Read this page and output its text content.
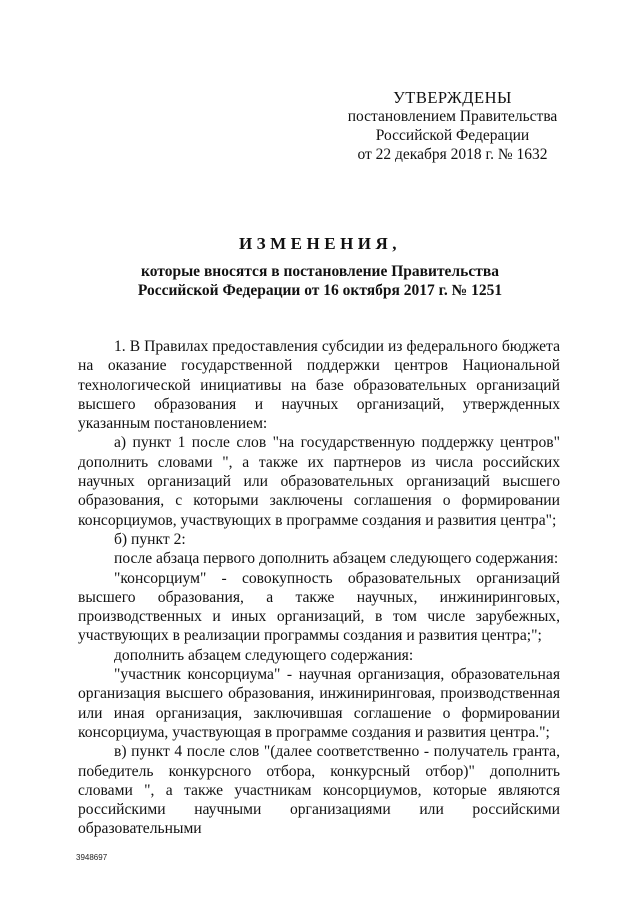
УТВЕРЖДЕНЫ
постановлением Правительства
Российской Федерации
от 22 декабря 2018 г. № 1632
ИЗМЕНЕНИЯ,
которые вносятся в постановление Правительства
Российской Федерации от 16 октября 2017 г. № 1251

1. В Правилах предоставления субсидии из федерального бюджета на оказание государственной поддержки центров Национальной технологической инициативы на базе образовательных организаций высшего образования и научных организаций, утвержденных указанным постановлением:

а) пункт 1 после слов "на государственную поддержку центров" дополнить словами ", а также их партнеров из числа российских научных организаций или образовательных организаций высшего образования, с которыми заключены соглашения о формировании консорциумов, участвующих в программе создания и развития центра";

б) пункт 2:

после абзаца первого дополнить абзацем следующего содержания:

"консорциум" - совокупность образовательных организаций высшего образования, а также научных, инжиниринговых, производственных и иных организаций, в том числе зарубежных, участвующих в реализации программы создания и развития центра;";

дополнить абзацем следующего содержания:

"участник консорциума" - научная организация, образовательная организация высшего образования, инжиниринговая, производственная или иная организация, заключившая соглашение о формировании консорциума, участвующая в программе создания и развития центра.";

в) пункт 4 после слов "(далее соответственно - получатель гранта, победитель конкурсного отбора, конкурсный отбор)" дополнить словами ", а также участникам консорциумов, которые являются российскими научными организациями или российскими образовательными

3948697
